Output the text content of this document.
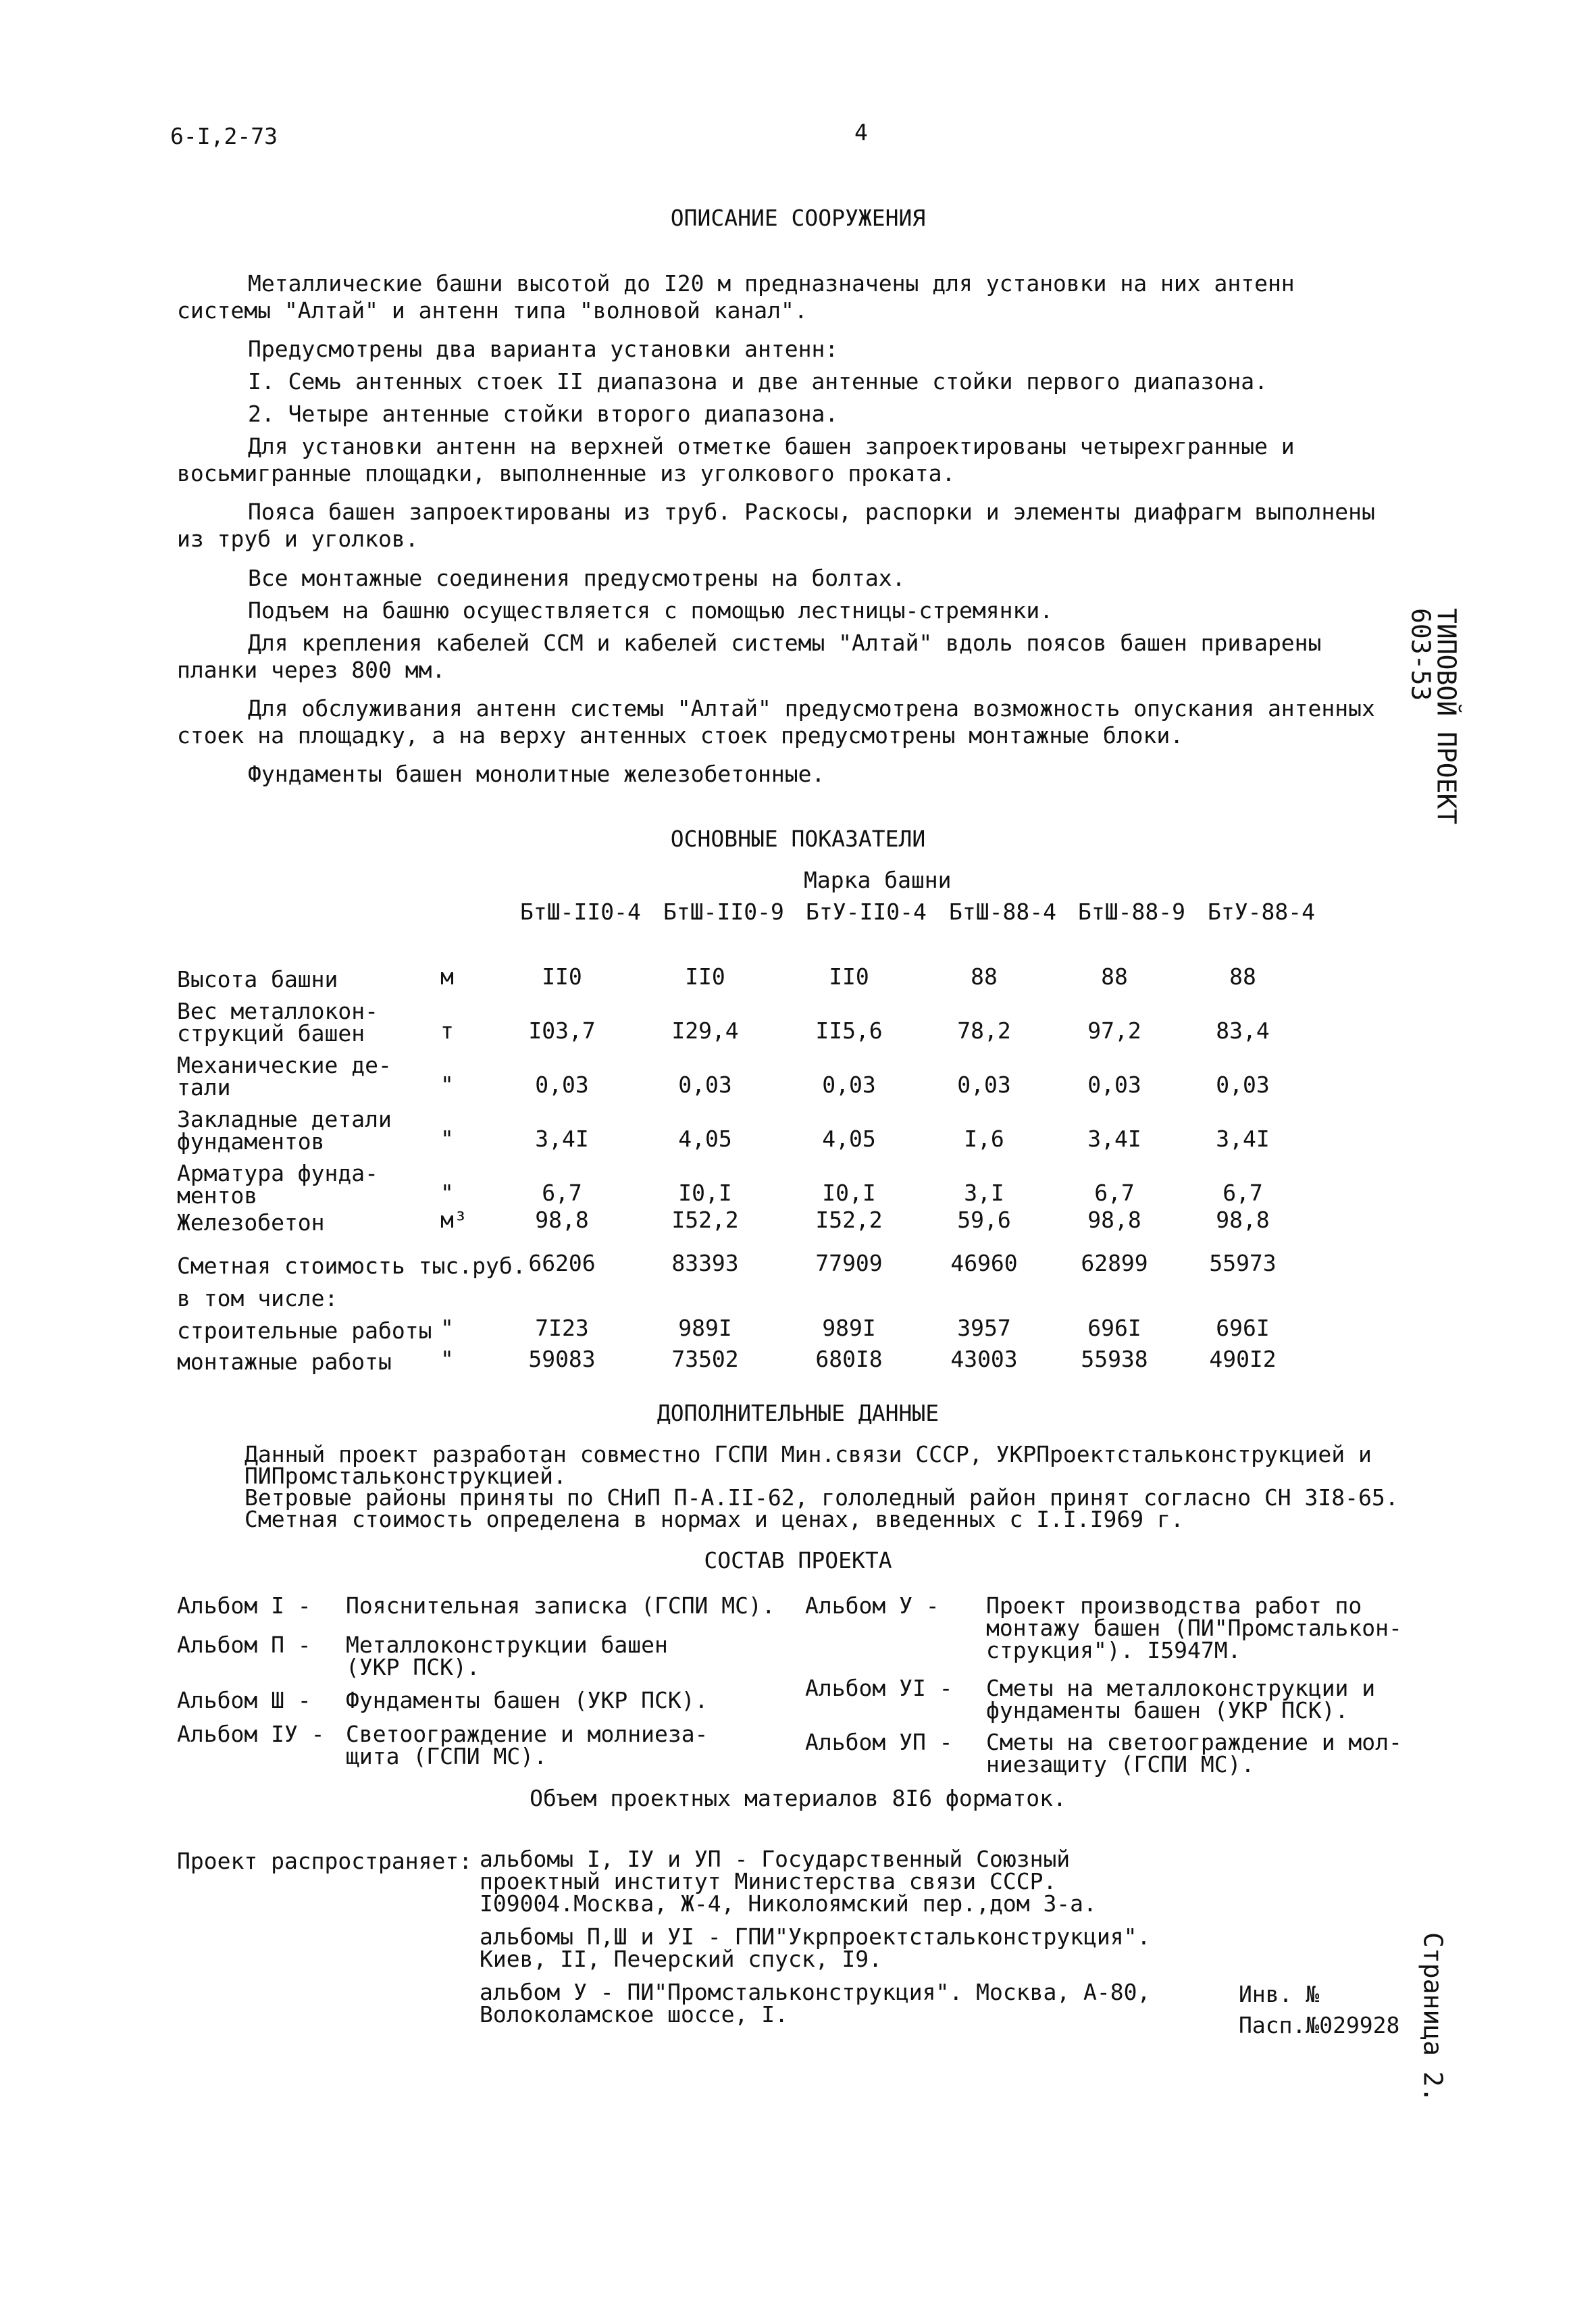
6-I,2-73	4
603-53
ТИПОВОЙ ПРОЕКТ
Страница 2.
ОПИСАНИЕ СООРУЖЕНИЯ
Металлические башни высотой до I20 м предназначены для установки на них антенн системы "Алтай" и антенн типа "волновой канал".
Предусмотрены два варианта установки антенн:
I. Семь антенных стоек II диапазона и две антенные стойки первого диапазона.
2. Четыре антенные стойки второго диапазона.
Для установки антенн на верхней отметке башен запроектированы четырехгранные и восьмигранные площадки, выполненные из уголкового проката.
Пояса башен запроектированы из труб. Раскосы, распорки и элементы диафрагм выполнены из труб и уголков.
Все монтажные соединения предусмотрены на болтах.
Подъем на башню осуществляется с помощью лестницы-стремянки.
Для крепления кабелей ССМ и кабелей системы "Алтай" вдоль поясов башен приварены планки через 800 мм.
Для обслуживания антенн системы "Алтай" предусмотрена возможность опускания антенных стоек на площадку, а на верху антенных стоек предусмотрены монтажные блоки.
Фундаменты башен монолитные железобетонные.
ОСНОВНЫЕ ПОКАЗАТЕЛИ
Марка башни
БтШ-II0-4 БтШ-II0-9 БтУ-II0-4 БтШ-88-4 БтШ-88-9 БтУ-88-4
Высота башни	м	II0	II0	II0	88	88	88
Вес металлокон-
струкций башен	т	I03,7	I29,4	II5,6	78,2	97,2	83,4
Механические де-
тали	"	0,03	0,03	0,03	0,03	0,03	0,03
Закладные детали
фундаментов	"	3,4I	4,05	4,05	I,6	3,4I	3,4I
Арматура фунда-
ментов	"	6,7	I0,I	I0,I	3,I	6,7	6,7
Железобетон	м³	98,8	I52,2	I52,2	59,6	98,8	98,8
Сметная стоимость тыс.руб. 66206	83393	77909	46960	62899	55973
в том числе:
строительные работы "	7I23	989I	989I	3957	696I	696I
монтажные работы "	59083	73502	680I8	43003	55938	490I2
ДОПОЛНИТЕЛЬНЫЕ ДАННЫЕ
Данный проект разработан совместно ГСПИ Мин.связи СССР, УКРПроектстальконструкцией и
ПИПромстальконструкцией.
Ветровые районы приняты по СНиП П-А.II-62, гололедный район принят согласно СН 3I8-65.
Сметная стоимость определена в нормах и ценах, введенных с I.I.I969 г.
СОСТАВ ПРОЕКТА
Альбом I - Пояснительная записка (ГСПИ МС).
Альбом П - Металлоконструкции башен
(УКР ПСК).
Альбом Ш - Фундаменты башен (УКР ПСК).
Альбом IУ - Светоограждение и молниеза-
щита (ГСПИ МС).
Альбом У - Проект производства работ по
монтажу башен (ПИ"Промсталькон-
струкция"). I5947М.
Альбом УI - Сметы на металлоконструкции и
фундаменты башен (УКР ПСК).
Альбом УП - Сметы на светоограждение и мол-
ниезащиту (ГСПИ МС).
Объем проектных материалов 8I6 форматок.
Проект распространяет: альбомы I, IУ и УП - Государственный Союзный
проектный институт Министерства связи СССР.
I09004.Москва, Ж-4, Николоямский пер.,дом 3-а.
альбомы П,Ш и УI - ГПИ"Укрпроектстальконструкция".
Киев, II, Печерский спуск, I9.
альбом У - ПИ"Промстальконструкция". Москва, А-80,
Волоколамское шоссе, I.
Инв. №
Пасп.№029928
